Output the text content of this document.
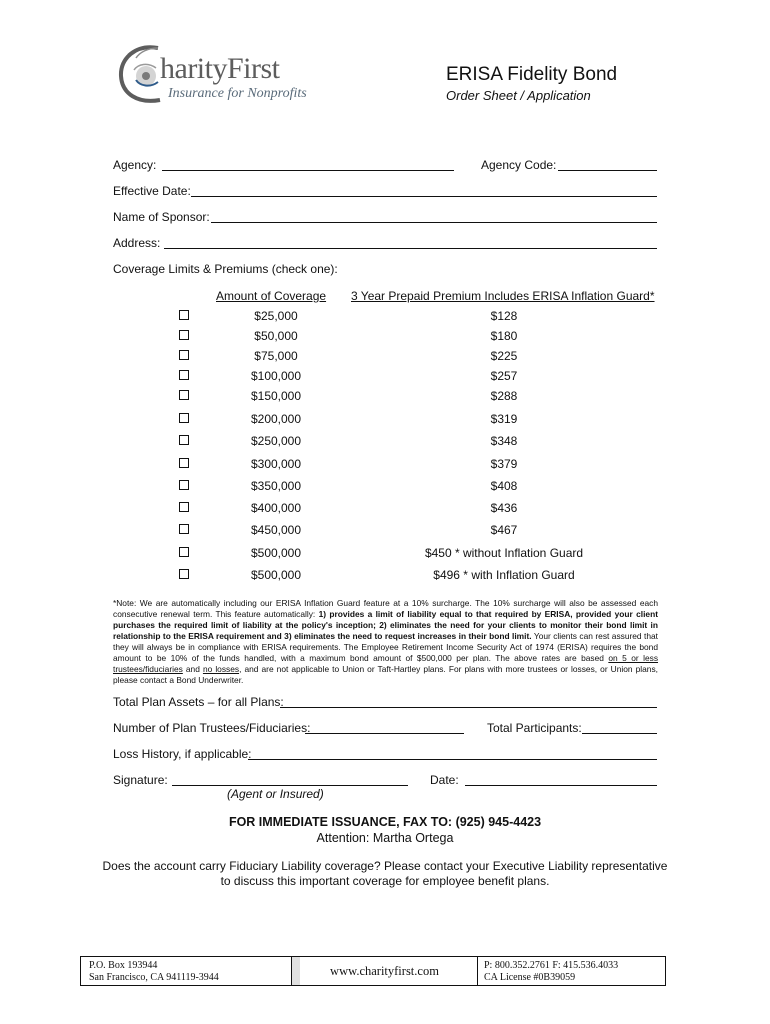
harityFirst
Insurance for Nonprofits
ERISA Fidelity Bond
Order Sheet / Application
Agency:	Agency Code:
Effective Date:
Name of Sponsor:
Address:
Coverage Limits & Premiums (check one):
Amount of Coverage 3 Year Prepaid Premium Includes ERISA Inflation Guard*
$25,000	$128
$50,000	$180
$75,000	$225
$100,000	$257
$150,000	$288
$200,000	$319
$250,000	$348
$300,000	$379
$350,000	$408
$400,000	$436
$450,000	$467
$500,000	$450 * without Inflation Guard
$500,000	$496 * with Inflation Guard
*Note: We are automatically including our ERISA Inflation Guard feature at a 10% surcharge. The 10% surcharge will also be assessed each consecutive renewal term. This feature automatically: 1) provides a limit of liability equal to that required by ERISA, provided your client purchases the required limit of liability at the policy's inception; 2) eliminates the need for your clients to monitor their bond limit in relationship to the ERISA requirement and 3) eliminates the need to request increases in their bond limit. Your clients can rest assured that they will always be in compliance with ERISA requirements. The Employee Retirement Income Security Act of 1974 (ERISA) requires the bond amount to be 10% of the funds handled, with a maximum bond amount of $500,000 per plan. The above rates are based on 5 or less trustees/fiduciaries and no losses, and are not applicable to Union or Taft-Hartley plans. For plans with more trustees or losses, or Union plans, please contact a Bond Underwriter.
Total Plan Assets – for all Plans:
Number of Plan Trustees/Fiduciaries:	Total Participants:
Loss History, if applicable:
Signature:	Date:
(Agent or Insured)
FOR IMMEDIATE ISSUANCE, FAX TO: (925) 945-4423
Attention: Martha Ortega
Does the account carry Fiduciary Liability coverage? Please contact your Executive Liability representative
to discuss this important coverage for employee benefit plans.
P.O. Box 193944
San Francisco, CA 941119-3944	www.charityfirst.com	P: 800.352.2761 F: 415.536.4033
CA License #0B39059
